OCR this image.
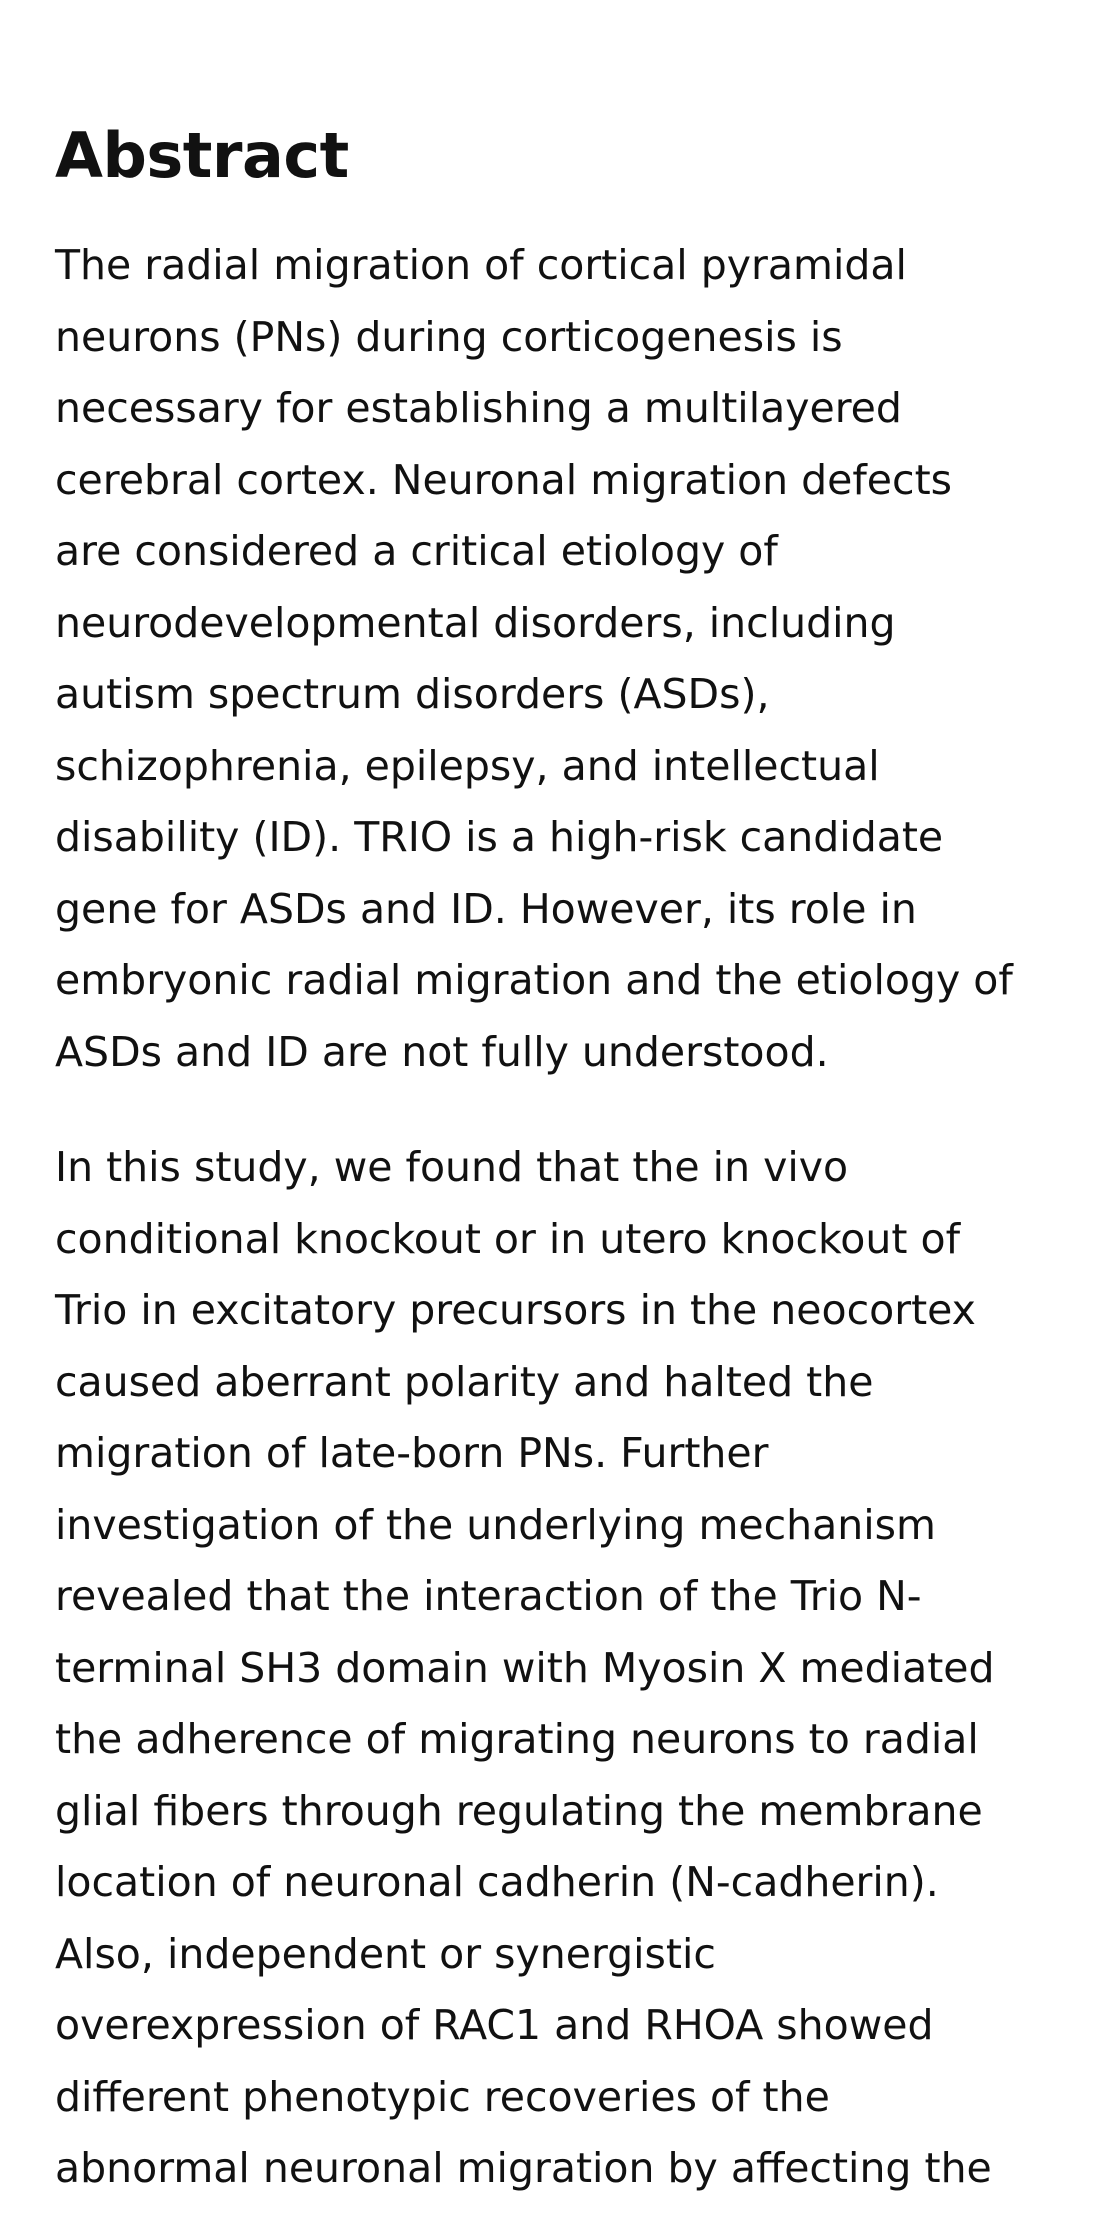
Abstract

The radial migration of cortical pyramidal
neurons (PNs) during corticogenesis is
necessary for establishing a multilayered
cerebral cortex. Neuronal migration defects
are considered a critical etiology of
neurodevelopmental disorders, including
autism spectrum disorders (ASDs),
schizophrenia, epilepsy, and intellectual
disability (ID). TRIO is a high-risk candidate
gene for ASDs and ID. However, its role in
embryonic radial migration and the etiology of
ASDs and ID are not fully understood.

In this study, we found that the in vivo
conditional knockout or in utero knockout of
Trio in excitatory precursors in the neocortex
caused aberrant polarity and halted the
migration of late-born PNs. Further
investigation of the underlying mechanism
revealed that the interaction of the Trio N-
terminal SH3 domain with Myosin X mediated
the adherence of migrating neurons to radial
glial fibers through regulating the membrane
location of neuronal cadherin (N-cadherin).
Also, independent or synergistic
overexpression of RAC1 and RHOA showed
different phenotypic recoveries of the
abnormal neuronal migration by affecting the
